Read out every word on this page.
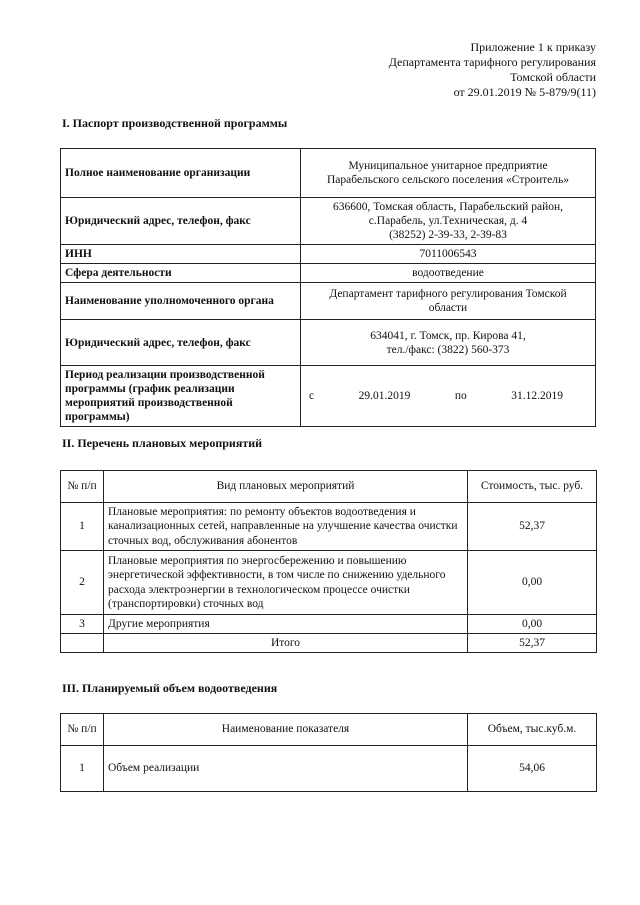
Приложение 1 к приказу
Департамента тарифного регулирования
Томской области
от 29.01.2019 № 5-879/9(11)
I. Паспорт производственной программы
Полное наименование организации	Муниципальное унитарное предприятие
Парабельского сельского поселения «Строитель»

Юридический адрес, телефон, факс	636600, Томская область, Парабельский район,
с.Парабель, ул.Техническая, д. 4
(38252) 2-39-33, 2-39-83

ИНН	7011006543
Сфера деятельности	водоотведение
Наименование уполномоченного органа	Департамент тарифного регулирования Томской
области

Юридический адрес, телефон, факс	634041, г. Томск, пр. Кирова 41,
тел./факс: (3822) 560-373

Период реализации производственной программы (график реализации мероприятий производственной программы)	с 29.01.2019 по 31.12.2019
II. Перечень плановых мероприятий
№ п/п	Вид плановых мероприятий	Стоимость, тыс. руб.
1	Плановые мероприятия: по ремонту объектов водоотведения и канализационных сетей, направленные на улучшение качества очистки сточных вод, обслуживания абонентов	52,37
2	Плановые мероприятия по энергосбережению и повышению энергетической эффективности, в том числе по снижению удельного расхода электроэнергии в технологическом процессе очистки (транспортировки) сточных вод	0,00
3	Другие мероприятия	0,00
	Итого	52,37
III. Планируемый объем водоотведения
№ п/п	Наименование показателя	Объем, тыс.куб.м.
1	Объем реализации	54,06
